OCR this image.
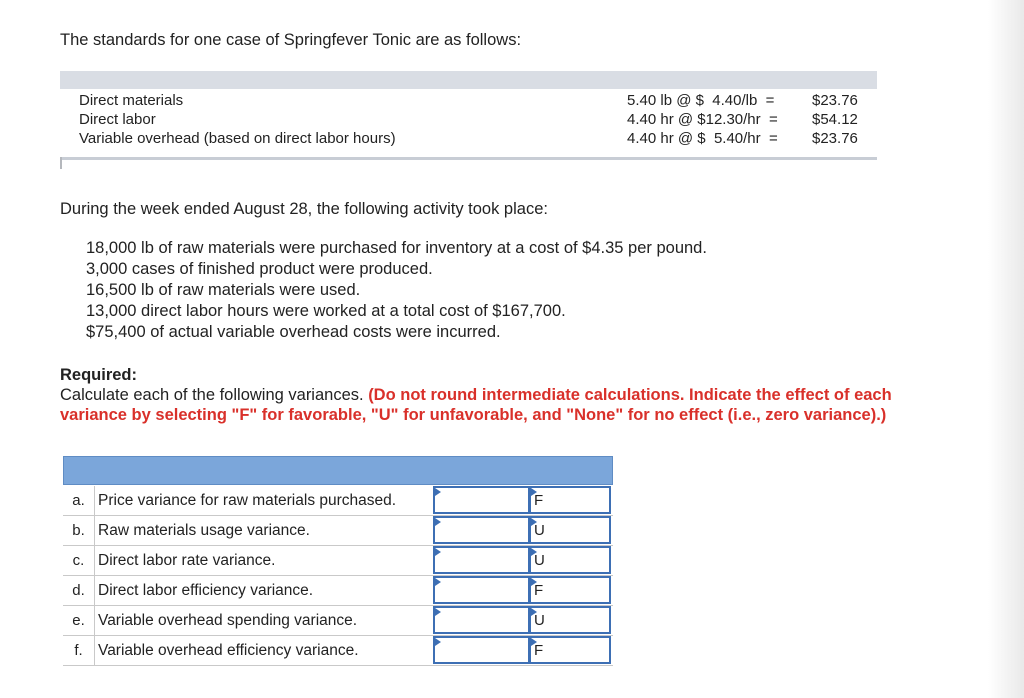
The standards for one case of Springfever Tonic are as follows:
Direct materials	5.40 lb @ $  4.40/lb  =	$23.76
Direct labor	4.40 hr @ $12.30/hr  = $54.12
Variable overhead (based on direct labor hours)	4.40 hr @ $  5.40/hr  = $23.76
During the week ended August 28, the following activity took place:
18,000 lb of raw materials were purchased for inventory at a cost of $4.35 per pound.
3,000 cases of finished product were produced.
16,500 lb of raw materials were used.
13,000 direct labor hours were worked at a total cost of $167,700.
$75,400 of actual variable overhead costs were incurred.
Required:
Calculate each of the following variances. (Do not round intermediate calculations. Indicate the effect of each
variance by selecting "F" for favorable, "U" for unfavorable, and "None" for no effect (i.e., zero variance).)
a. Price variance for raw materials purchased.	F
b. Raw materials usage variance.	U
c. Direct labor rate variance.	U
d. Direct labor efficiency variance.	F
e. Variable overhead spending variance.	U
f. Variable overhead efficiency variance.	F
